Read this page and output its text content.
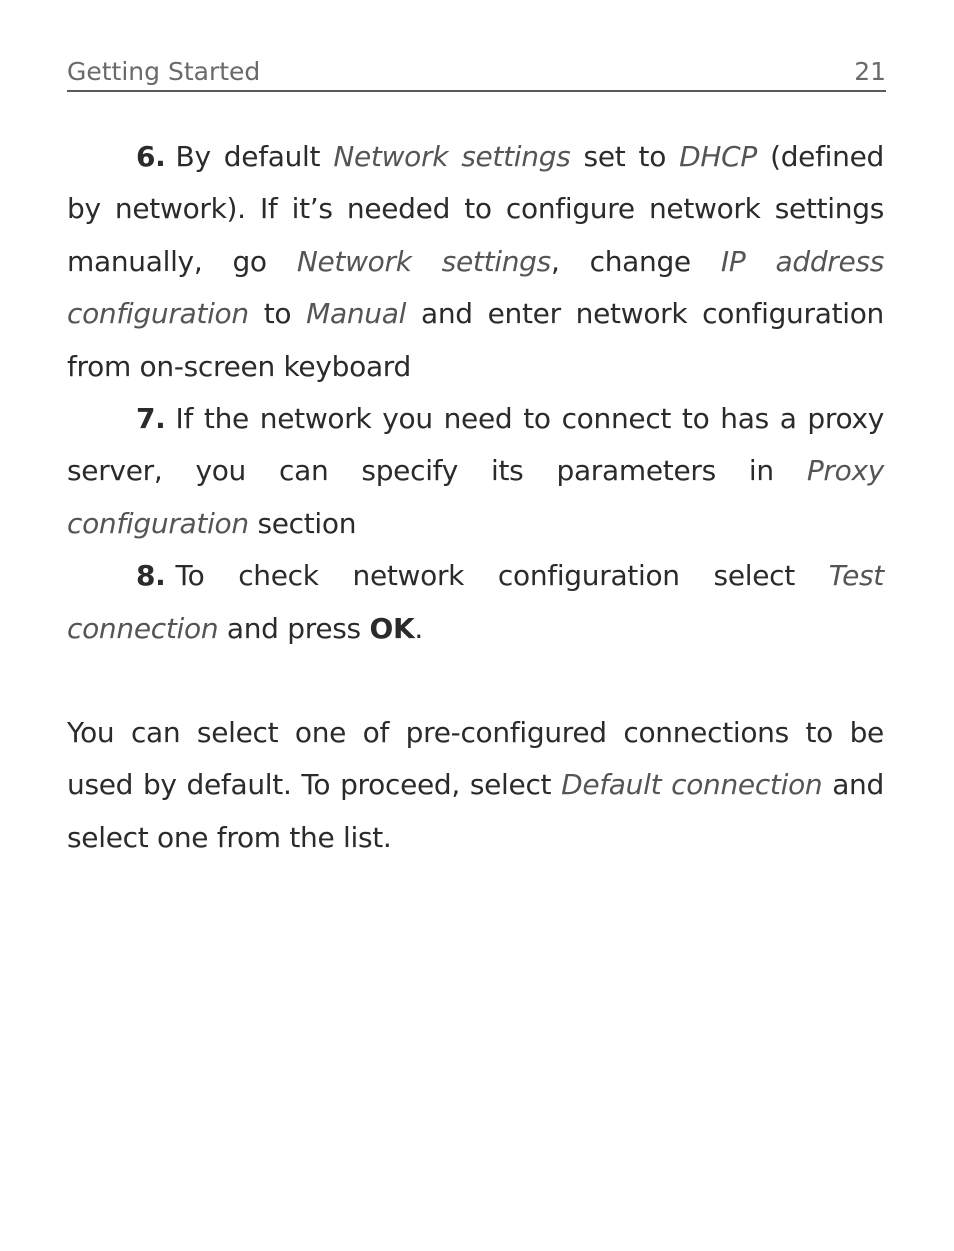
Getting Started	21

6. By default Network settings set to DHCP (defined by network). If it’s needed to configure network settings manually, go Network settings, change IP address configuration to Manual and enter network configuration from on-screen keyboard

7. If the network you need to connect to has a proxy server, you can specify its parameters in Proxy configuration section

8. To check network configuration select Test connection and press OK.

You can select one of pre-configured connections to be used by default. To proceed, select Default connection and select one from the list.
